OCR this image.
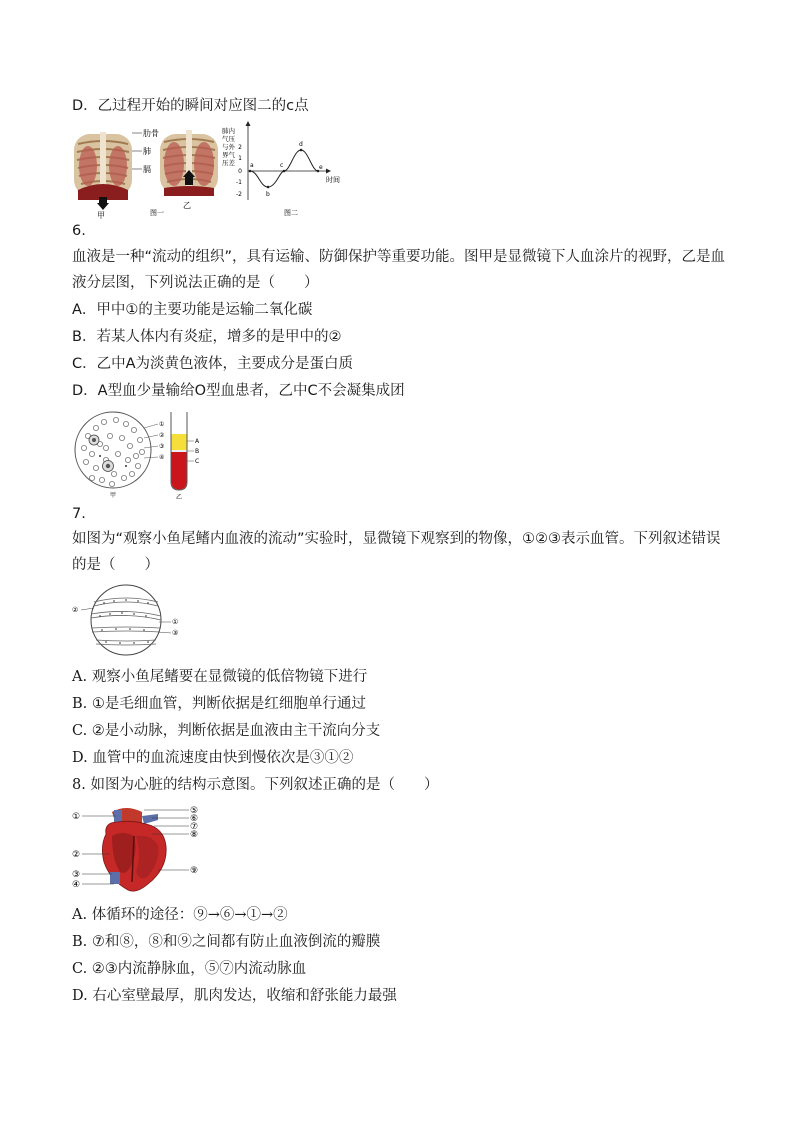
D．乙过程开始的瞬间对应图二的c点
甲
乙
肋骨
肺
膈
图一
肺内
气压
与外
界气
压差
2
1
0
-1
-2
a
b
c
d
e
时间
图二
6.
血液是一种“流动的组织”，具有运输、防御保护等重要功能。图甲是显微镜下人血涂片的视野，乙是血
液分层图，下列说法正确的是（　　）
A．甲中①的主要功能是运输二氧化碳
B．若某人体内有炎症，增多的是甲中的②
C．乙中A为淡黄色液体，主要成分是蛋白质
D．A型血少量输给O型血患者，乙中C不会凝集成团
①
②
③
④
甲
A
B
C
乙
7.
如图为“观察小鱼尾鳍内血液的流动”实验时，显微镜下观察到的物像，①②③表示血管。下列叙述错误
的是（　　）
②
①
③
A. 观察小鱼尾鳍要在显微镜的低倍物镜下进行
B. ①是毛细血管，判断依据是红细胞单行通过
C. ②是小动脉，判断依据是血液由主干流向分支
D. 血管中的血流速度由快到慢依次是③①②
8. 如图为心脏的结构示意图。下列叙述正确的是（　　）
①
②
③
④
⑤
⑥
⑦
⑧
⑨
A. 体循环的途径：⑨→⑥→①→②
B. ⑦和⑧，⑧和⑨之间都有防止血液倒流的瓣膜
C. ②③内流静脉血，⑤⑦内流动脉血
D. 右心室壁最厚，肌肉发达，收缩和舒张能力最强
